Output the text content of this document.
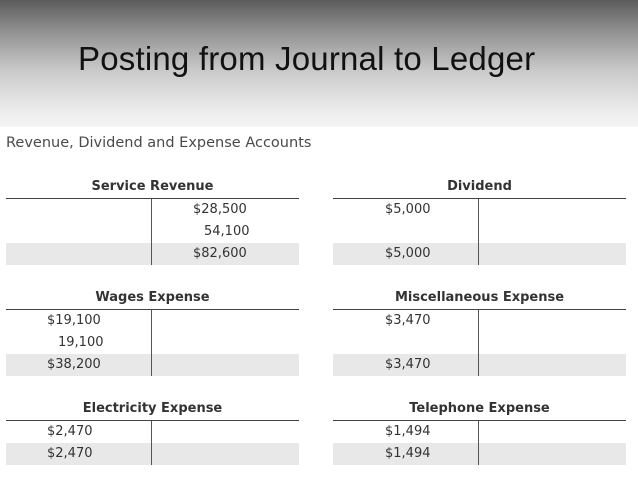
Posting from Journal to Ledger
Revenue, Dividend and Expense Accounts
Service Revenue
$28,500
54,100
$82,600
Dividend
$5,000
$5,000
Wages Expense
$19,100
19,100
$38,200
Miscellaneous Expense
$3,470
$3,470
Electricity Expense
$2,470
$2,470
Telephone Expense
$1,494
$1,494
